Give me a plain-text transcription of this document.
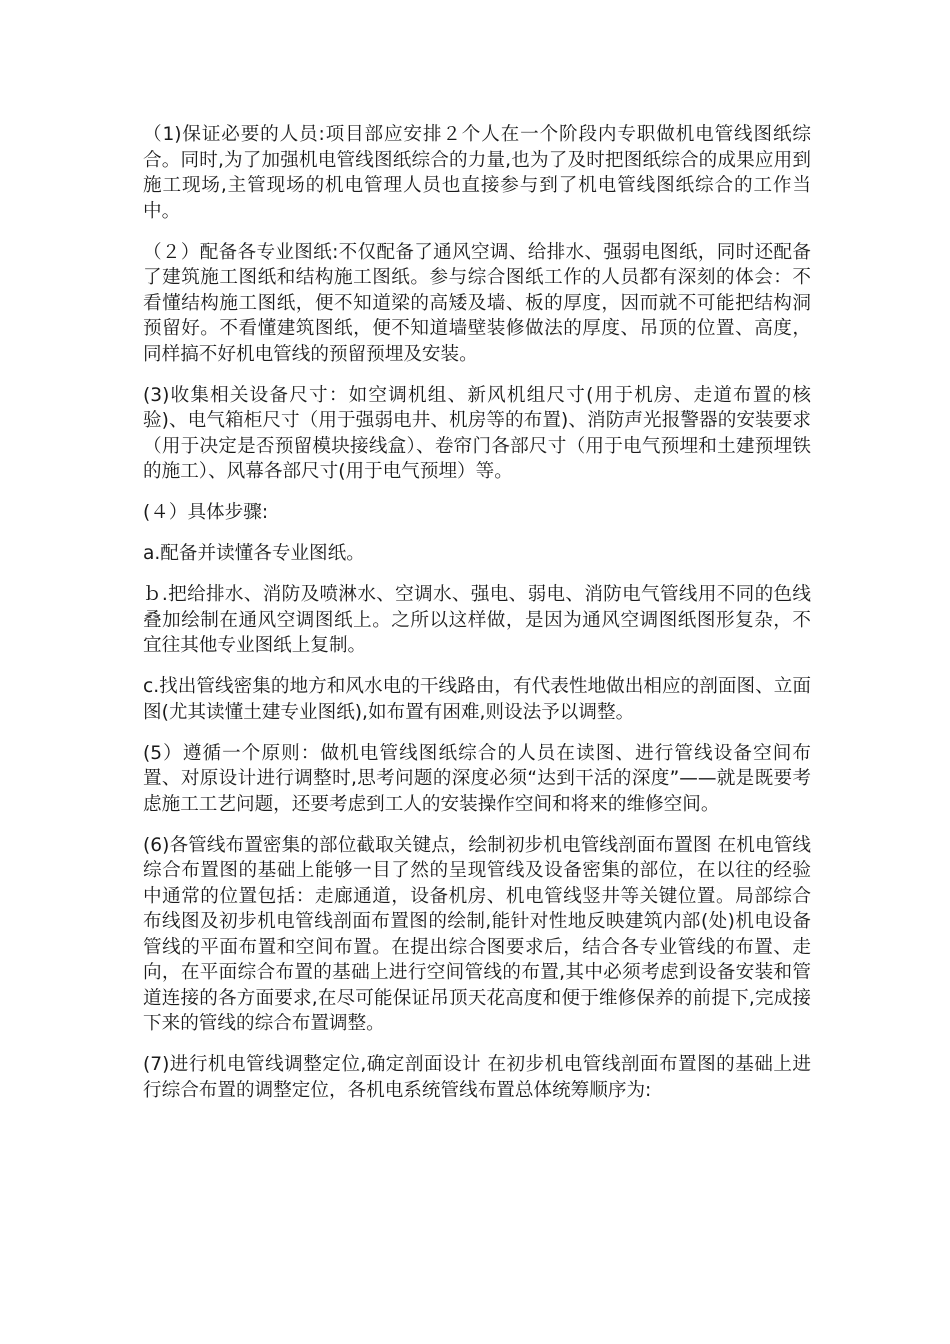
（1)保证必要的人员:项目部应安排２个人在一个阶段内专职做机电管线图纸综合。同时,为了加强机电管线图纸综合的力量,也为了及时把图纸综合的成果应用到施工现场,主管现场的机电管理人员也直接参与到了机电管线图纸综合的工作当中。

（２）配备各专业图纸:不仅配备了通风空调、给排水、强弱电图纸，同时还配备了建筑施工图纸和结构施工图纸。参与综合图纸工作的人员都有深刻的体会：不看懂结构施工图纸，便不知道梁的高矮及墙、板的厚度，因而就不可能把结构洞预留好。不看懂建筑图纸，便不知道墙壁装修做法的厚度、吊顶的位置、高度，同样搞不好机电管线的预留预埋及安装。

(3)收集相关设备尺寸：如空调机组、新风机组尺寸(用于机房、走道布置的核验)、电气箱柜尺寸（用于强弱电井、机房等的布置)、消防声光报警器的安装要求（用于决定是否预留模块接线盒）、卷帘门各部尺寸（用于电气预埋和土建预埋铁的施工）、风幕各部尺寸(用于电气预埋）等。

(４）具体步骤:

a.配备并读懂各专业图纸。

ｂ.把给排水、消防及喷淋水、空调水、强电、弱电、消防电气管线用不同的色线叠加绘制在通风空调图纸上。之所以这样做，是因为通风空调图纸图形复杂，不宜往其他专业图纸上复制。

c.找出管线密集的地方和风水电的干线路由，有代表性地做出相应的剖面图、立面图(尤其读懂土建专业图纸),如布置有困难,则设法予以调整。

(5）遵循一个原则：做机电管线图纸综合的人员在读图、进行管线设备空间布置、对原设计进行调整时,思考问题的深度必须“达到干活的深度”——就是既要考虑施工工艺问题，还要考虑到工人的安装操作空间和将来的维修空间。

(6)各管线布置密集的部位截取关键点，绘制初步机电管线剖面布置图 在机电管线综合布置图的基础上能够一目了然的呈现管线及设备密集的部位，在以往的经验中通常的位置包括：走廊通道，设备机房、机电管线竖井等关键位置。局部综合布线图及初步机电管线剖面布置图的绘制,能针对性地反映建筑内部(处)机电设备管线的平面布置和空间布置。在提出综合图要求后，结合各专业管线的布置、走向，在平面综合布置的基础上进行空间管线的布置,其中必须考虑到设备安装和管道连接的各方面要求,在尽可能保证吊顶天花高度和便于维修保养的前提下,完成接下来的管线的综合布置调整。

(7)进行机电管线调整定位,确定剖面设计 在初步机电管线剖面布置图的基础上进行综合布置的调整定位，各机电系统管线布置总体统筹顺序为:
